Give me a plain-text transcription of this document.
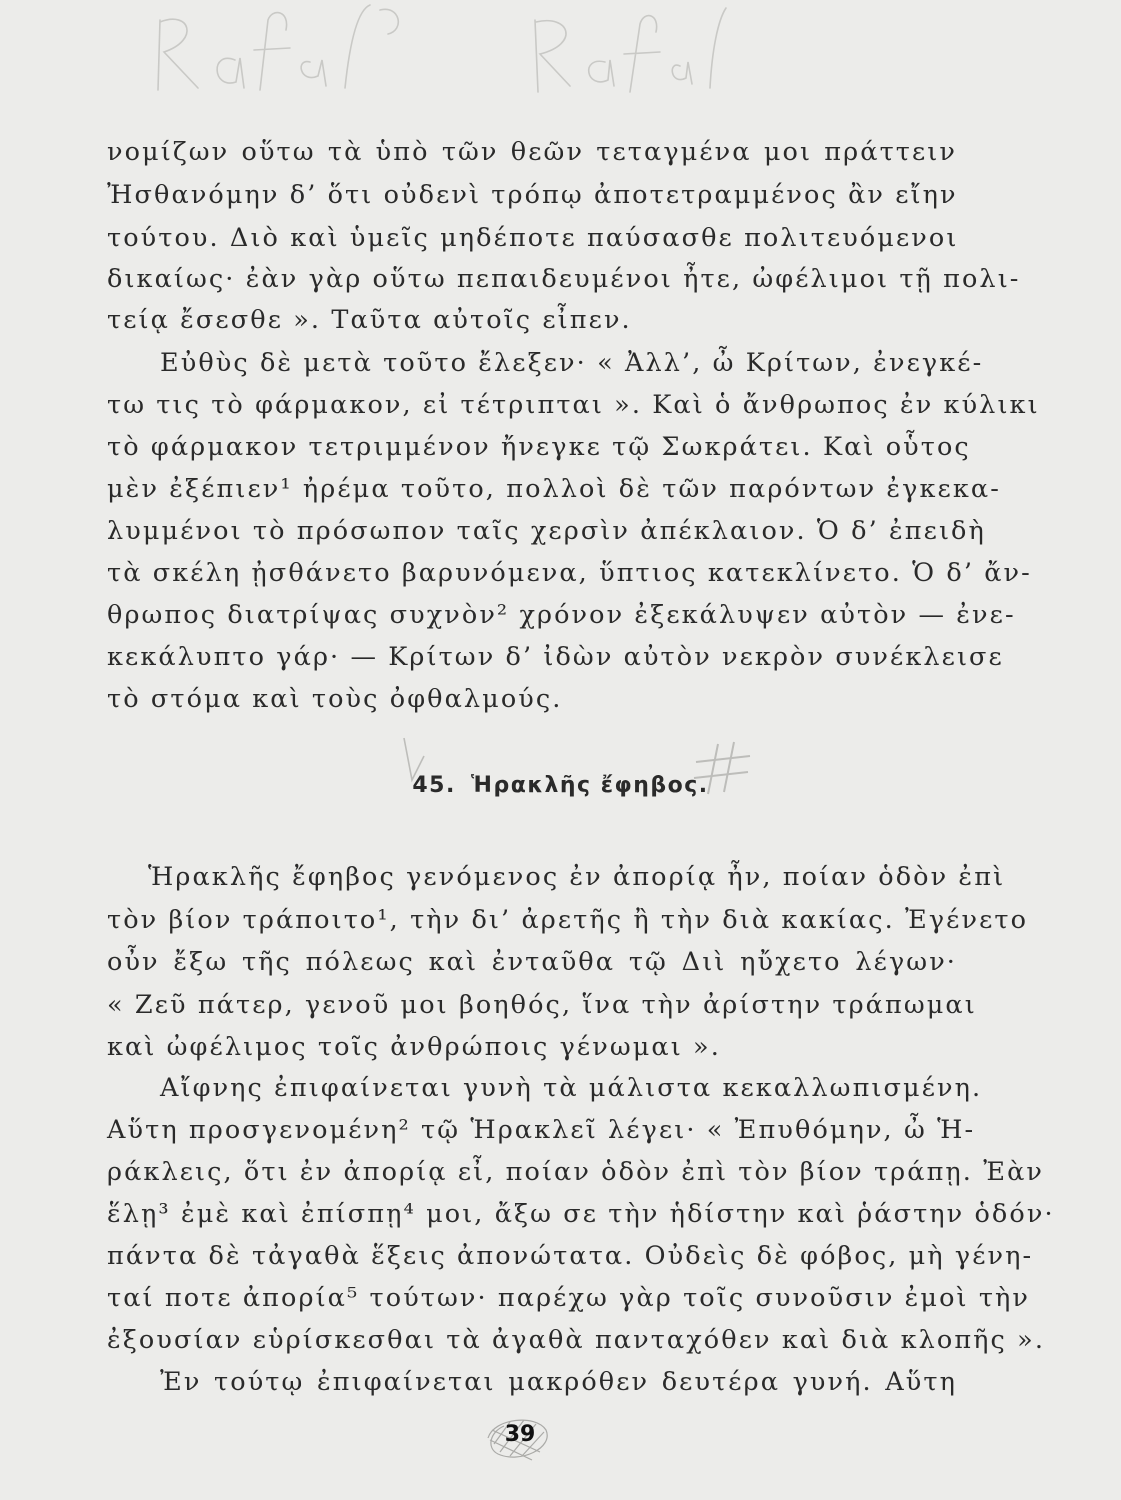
νομίζων οὕτω τὰ ὑπὸ τῶν θεῶν τεταγμένα μοι πράττειν
Ἠσθανόμην δ’ ὅτι οὐδενὶ τρόπῳ ἀποτετραμμένος ἂν εἴην
τούτου. Διὸ καὶ ὑμεῖς μηδέποτε παύσασθε πολιτευόμενοι
δικαίως· ἐὰν γὰρ οὕτω πεπαιδευμένοι ἦτε, ὠφέλιμοι τῇ πολι-
τείᾳ ἔσεσθε ». Ταῦτα αὐτοῖς εἶπεν.
Εὐθὺς δὲ μετὰ τοῦτο ἔλεξεν· « Ἀλλ’, ὦ Κρίτων, ἐνεγκέ-
τω τις τὸ φάρμακον, εἰ τέτριπται ». Καὶ ὁ ἄνθρωπος ἐν κύλικι
τὸ φάρμακον τετριμμένον ἤνεγκε τῷ Σωκράτει. Καὶ οὗτος
μὲν ἐξέπιεν¹ ἠρέμα τοῦτο, πολλοὶ δὲ τῶν παρόντων ἐγκεκα-
λυμμένοι τὸ πρόσωπον ταῖς χερσὶν ἀπέκλαιον. Ὁ δ’ ἐπειδὴ
τὰ σκέλη ᾐσθάνετο βαρυνόμενα, ὕπτιος κατεκλίνετο. Ὁ δ’ ἄν-
θρωπος διατρίψας συχνὸν² χρόνον ἐξεκάλυψεν αὐτὸν — ἐνε-
κεκάλυπτο γάρ· — Κρίτων δ’ ἰδὼν αὐτὸν νεκρὸν συνέκλεισε
τὸ στόμα καὶ τοὺς ὀφθαλμούς.
45. Ἡρακλῆς ἔφηβος.
Ἡρακλῆς ἔφηβος γενόμενος ἐν ἀπορίᾳ ἦν, ποίαν ὁδὸν ἐπὶ
τὸν βίον τράποιτο¹, τὴν δι’ ἀρετῆς ἢ τὴν διὰ κακίας. Ἐγένετο
οὖν ἔξω τῆς πόλεως καὶ ἐνταῦθα τῷ Διὶ ηὔχετο λέγων·
« Ζεῦ πάτερ, γενοῦ μοι βοηθός, ἵνα τὴν ἀρίστην τράπωμαι
καὶ ὠφέλιμος τοῖς ἀνθρώποις γένωμαι ».
Αἴφνης ἐπιφαίνεται γυνὴ τὰ μάλιστα κεκαλλωπισμένη.
Αὕτη προσγενομένη² τῷ Ἡρακλεῖ λέγει· « Ἐπυθόμην, ὦ Ἡ-
ράκλεις, ὅτι ἐν ἀπορίᾳ εἶ, ποίαν ὁδὸν ἐπὶ τὸν βίον τράπῃ. Ἐὰν
ἕλῃ³ ἐμὲ καὶ ἐπίσπῃ⁴ μοι, ἄξω σε τὴν ἡδίστην καὶ ῥάστην ὁδόν·
πάντα δὲ τἀγαθὰ ἕξεις ἀπονώτατα. Οὐδεὶς δὲ φόβος, μὴ γένη-
ταί ποτε ἀπορία⁵ τούτων· παρέχω γὰρ τοῖς συνοῦσιν ἐμοὶ τὴν
ἐξουσίαν εὑρίσκεσθαι τὰ ἀγαθὰ πανταχόθεν καὶ διὰ κλοπῆς ».
Ἐν τούτῳ ἐπιφαίνεται μακρόθεν δευτέρα γυνή. Αὕτη
39
